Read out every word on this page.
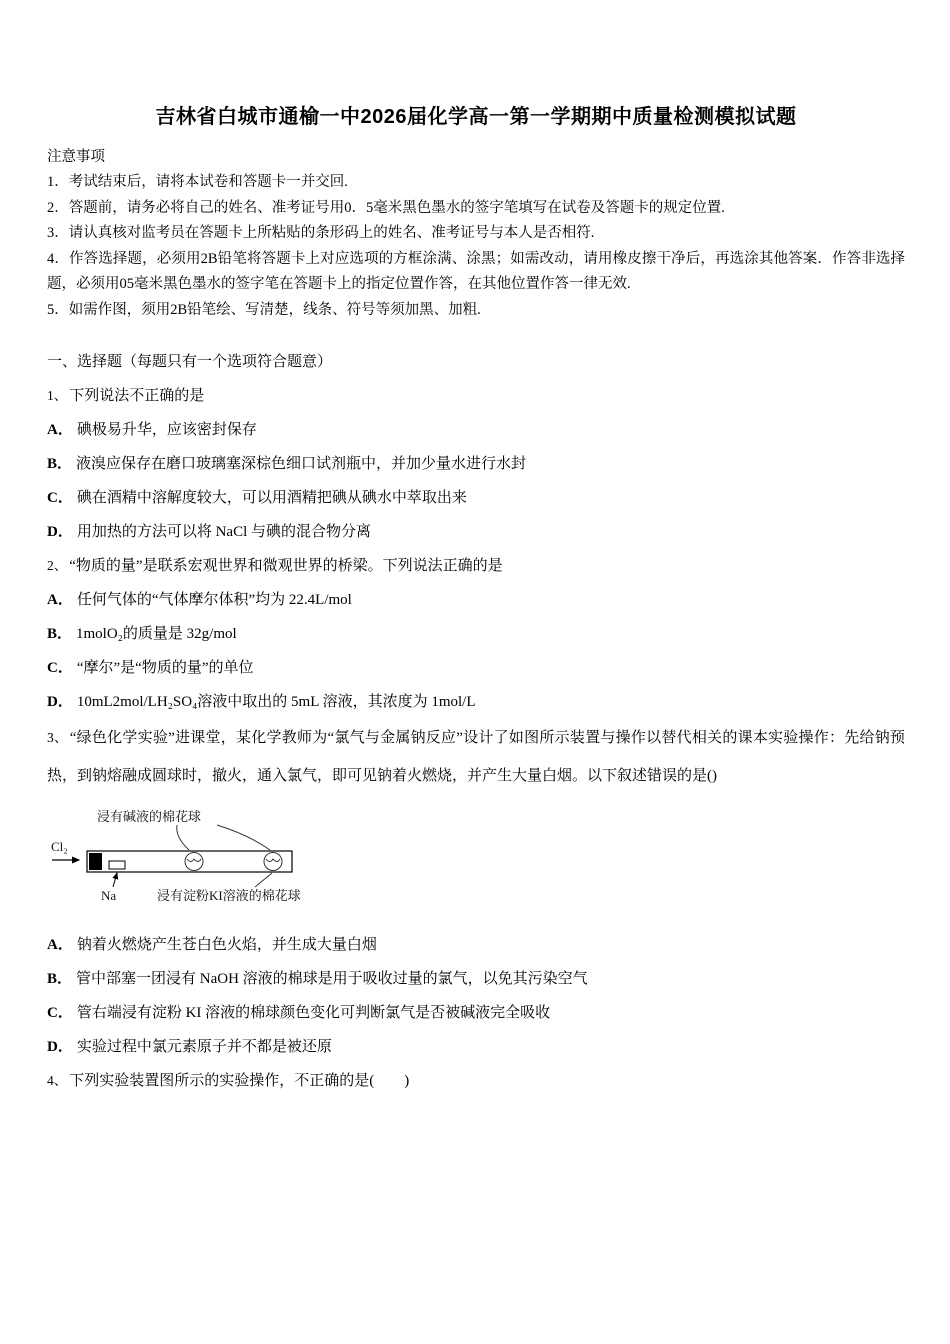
吉林省白城市通榆一中2026届化学高一第一学期期中质量检测模拟试题
注意事项
1．考试结束后，请将本试卷和答题卡一并交回.
2．答题前，请务必将自己的姓名、准考证号用0．5毫米黑色墨水的签字笔填写在试卷及答题卡的规定位置.
3．请认真核对监考员在答题卡上所粘贴的条形码上的姓名、准考证号与本人是否相符.
4．作答选择题，必须用2B铅笔将答题卡上对应选项的方框涂满、涂黑；如需改动，请用橡皮擦干净后，再选涂其他答案．作答非选择题，必须用05毫米黑色墨水的签字笔在答题卡上的指定位置作答，在其他位置作答一律无效.
5．如需作图，须用2B铅笔绘、写清楚，线条、符号等须加黑、加粗.
一、选择题（每题只有一个选项符合题意）
1、 下列说法不正确的是
A． 碘极易升华，应该密封保存
B． 液溴应保存在磨口玻璃塞深棕色细口试剂瓶中，并加少量水进行水封
C． 碘在酒精中溶解度较大，可以用酒精把碘从碘水中萃取出来
D． 用加热的方法可以将 NaCl 与碘的混合物分离
2、 “物质的量”是联系宏观世界和微观世界的桥梁。下列说法正确的是
A． 任何气体的“气体摩尔体积”均为 22.4L/mol
B． 1molO₂的质量是 32g/mol
C． “摩尔”是“物质的量”的单位
D． 10mL2mol/LH₂SO₄溶液中取出的 5mL 溶液，其浓度为 1mol/L
3、 “绿色化学实验”进课堂，某化学教师为“氯气与金属钠反应”设计了如图所示装置与操作以替代相关的课本实验操作：先给钠预热，到钠熔融成圆球时，撤火，通入氯气，即可见钠着火燃烧，并产生大量白烟。以下叙述错误的是()
浸有碱液的棉花球
Cl₂
Na	浸有淀粉KI溶液的棉花球
A． 钠着火燃烧产生苍白色火焰，并生成大量白烟
B． 管中部塞一团浸有 NaOH 溶液的棉球是用于吸收过量的氯气，以免其污染空气
C． 管右端浸有淀粉 KI 溶液的棉球颜色变化可判断氯气是否被碱液完全吸收
D． 实验过程中氯元素原子并不都是被还原
4、 下列实验装置图所示的实验操作，不正确的是(　　)
